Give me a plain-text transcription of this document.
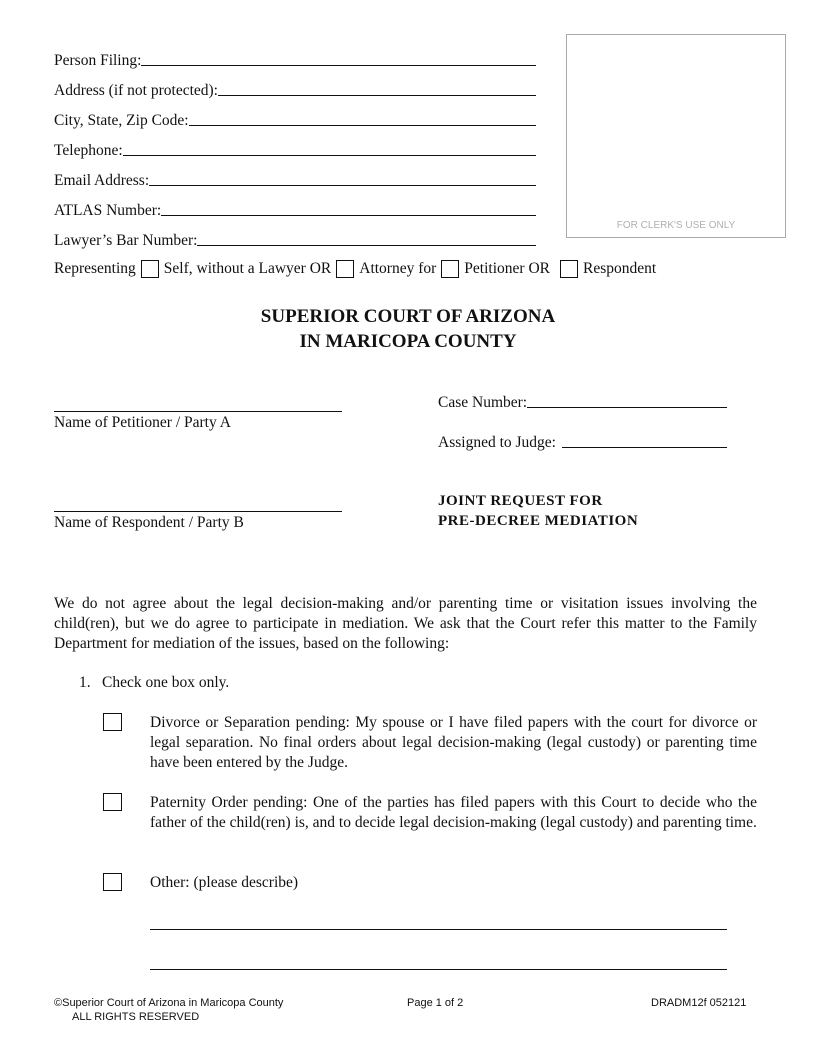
Person Filing:
Address (if not protected):
City, State, Zip Code:
Telephone:
Email Address:
ATLAS Number:
Lawyer’s Bar Number:
FOR CLERK'S USE ONLY
Representing Self, without a Lawyer OR Attorney for Petitioner OR Respondent
SUPERIOR COURT OF ARIZONA
IN MARICOPA COUNTY
Name of Petitioner / Party A
Name of Respondent / Party B
Case Number:
Assigned to Judge:
JOINT REQUEST FOR
PRE-DECREE MEDIATION
We do not agree about the legal decision-making and/or parenting time or visitation issues involving the child(ren), but we do agree to participate in mediation. We ask that the Court refer this matter to the Family Department for mediation of the issues, based on the following:
1. Check one box only.
Divorce or Separation pending: My spouse or I have filed papers with the court for divorce or legal separation. No final orders about legal decision-making (legal custody) or parenting time have been entered by the Judge.
Paternity Order pending: One of the parties has filed papers with this Court to decide who the father of the child(ren) is, and to decide legal decision-making (legal custody) and parenting time.
Other: (please describe)
©Superior Court of Arizona in Maricopa County
ALL RIGHTS RESERVED
Page 1 of 2	DRADM12f 052121
